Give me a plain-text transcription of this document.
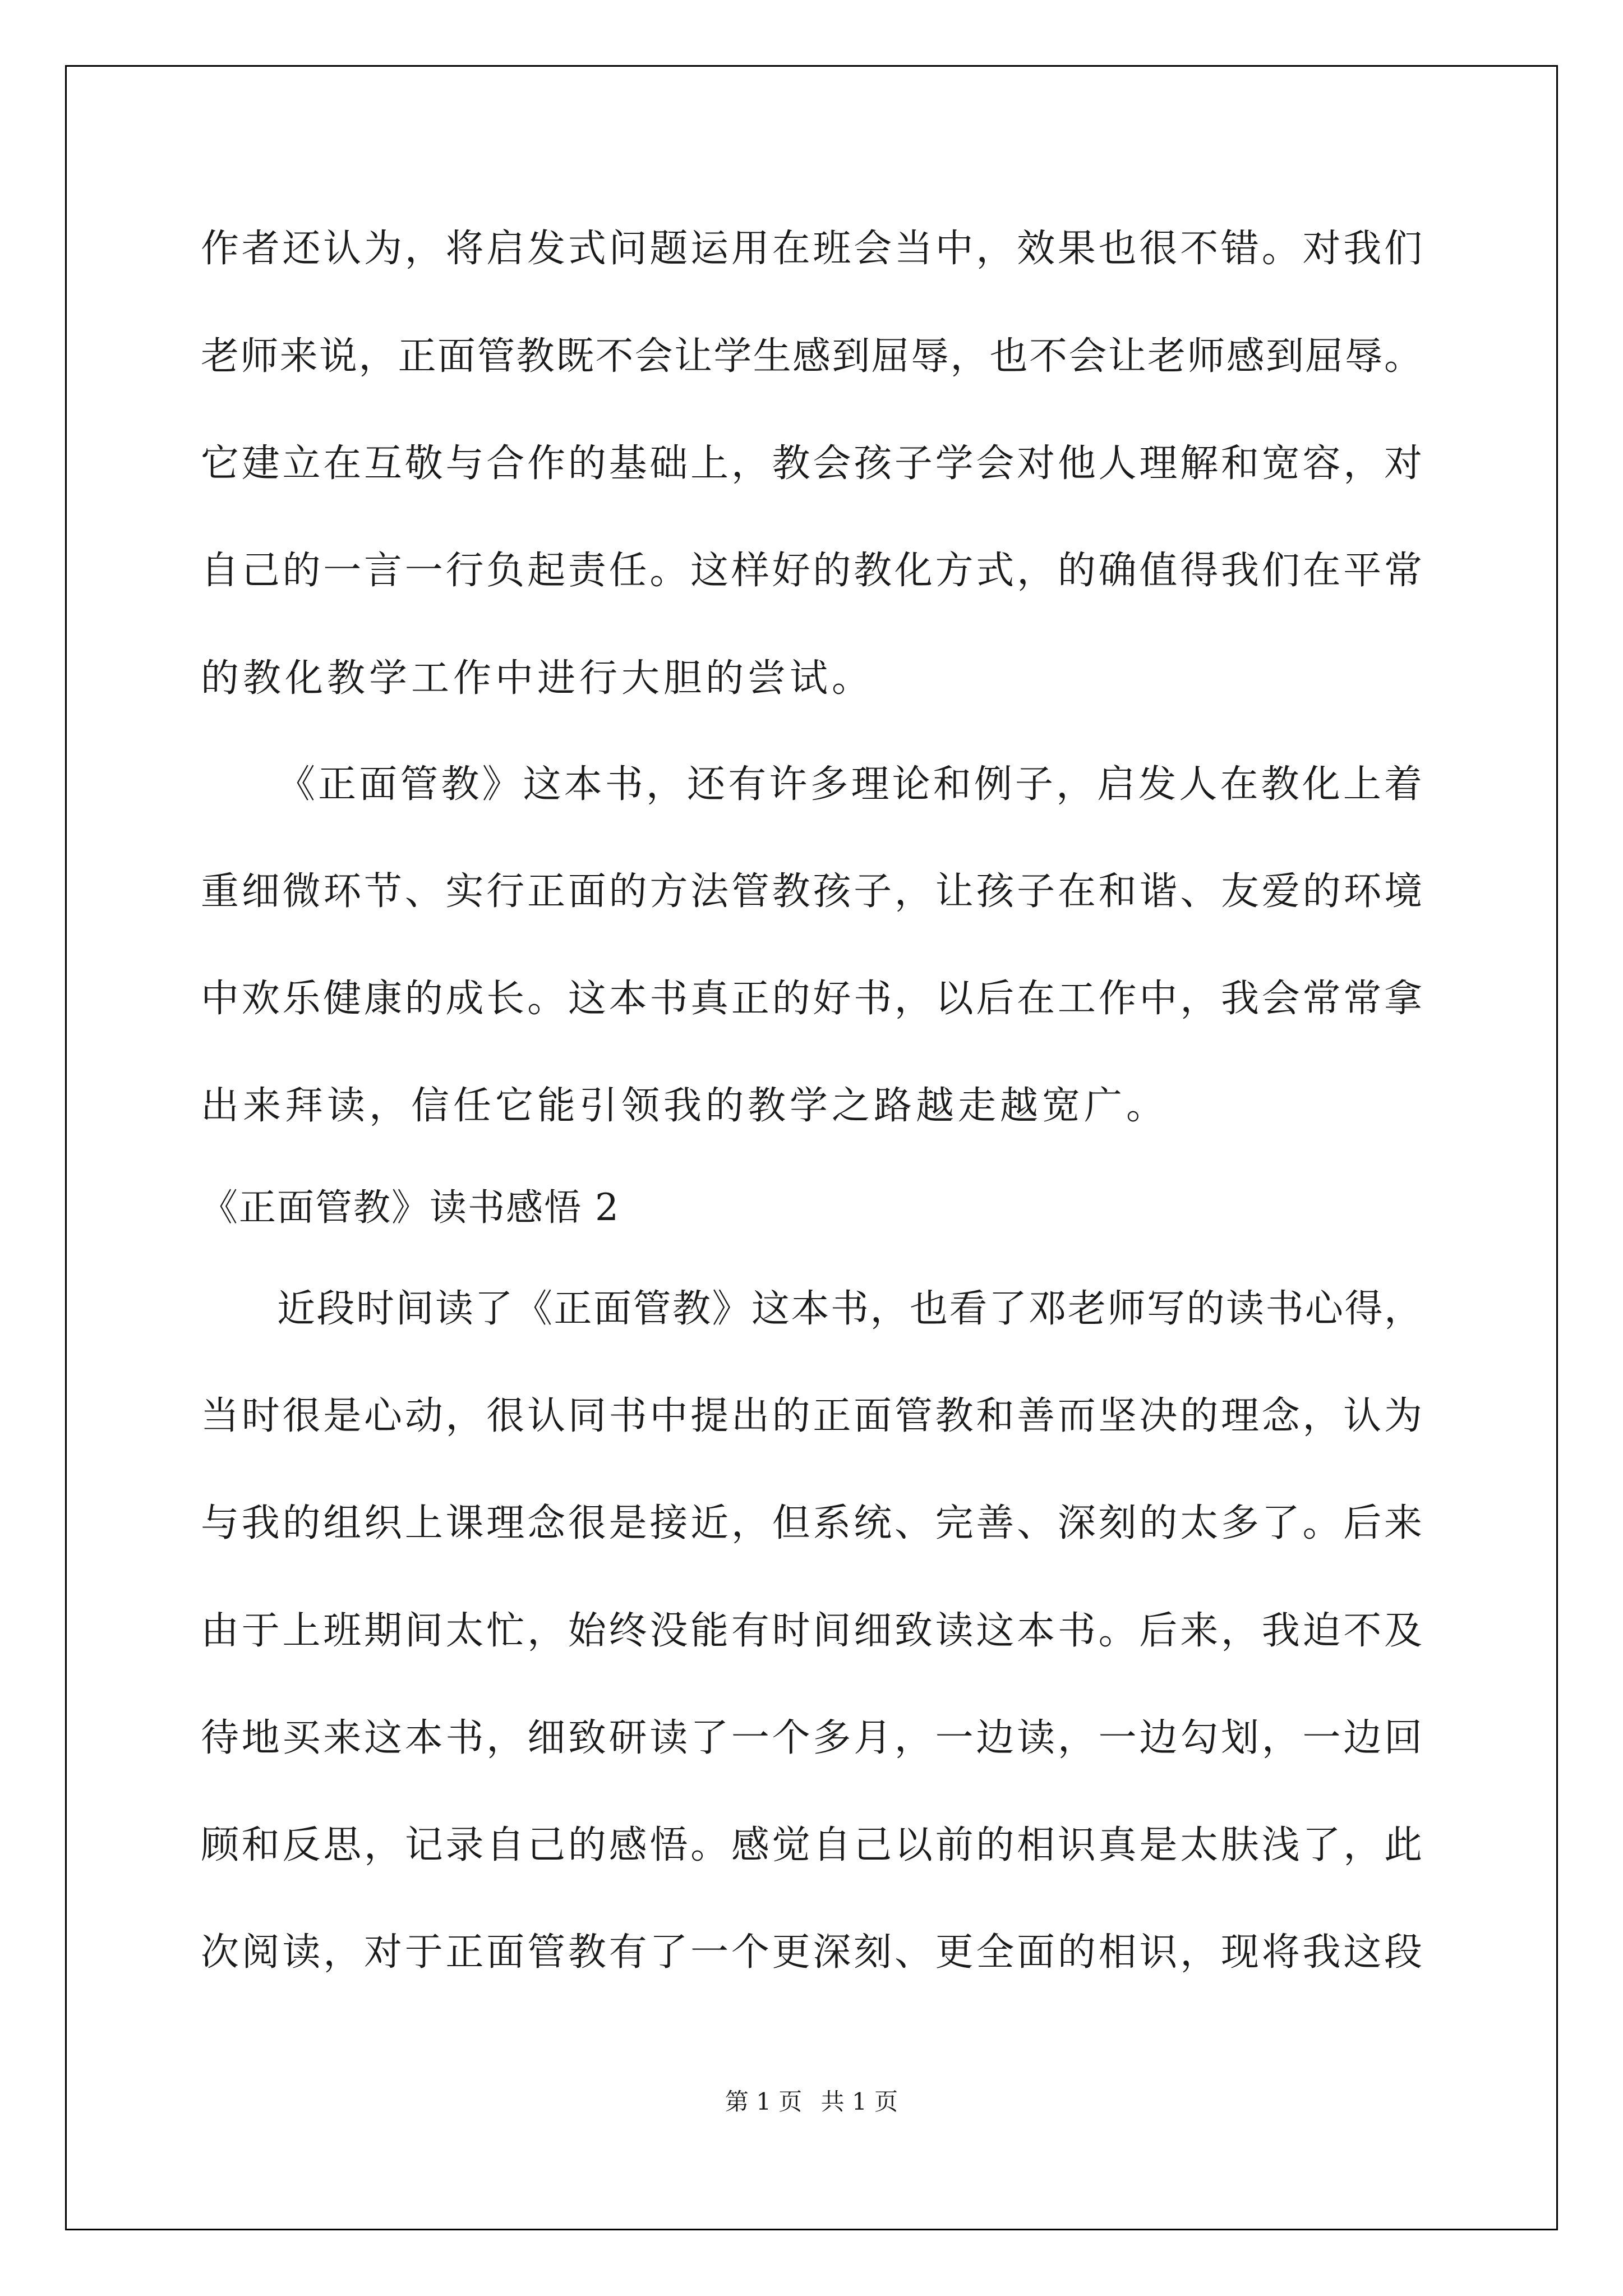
作者还认为，将启发式问题运用在班会当中，效果也很不错。对我们

老师来说，正面管教既不会让学生感到屈辱，也不会让老师感到屈辱。

它建立在互敬与合作的基础上，教会孩子学会对他人理解和宽容，对

自己的一言一行负起责任。这样好的教化方式，的确值得我们在平常

的教化教学工作中进行大胆的尝试。

《正面管教》这本书，还有许多理论和例子，启发人在教化上着

重细微环节、实行正面的方法管教孩子，让孩子在和谐、友爱的环境

中欢乐健康的成长。这本书真正的好书，以后在工作中，我会常常拿

出来拜读，信任它能引领我的教学之路越走越宽广。

《正面管教》读书感悟 2

近段时间读了《正面管教》这本书，也看了邓老师写的读书心得，

当时很是心动，很认同书中提出的正面管教和善而坚决的理念，认为

与我的组织上课理念很是接近，但系统、完善、深刻的太多了。后来

由于上班期间太忙，始终没能有时间细致读这本书。后来，我迫不及

待地买来这本书，细致研读了一个多月，一边读，一边勾划，一边回

顾和反思，记录自己的感悟。感觉自己以前的相识真是太肤浅了，此

次阅读，对于正面管教有了一个更深刻、更全面的相识，现将我这段

第 1 页 共 1 页
